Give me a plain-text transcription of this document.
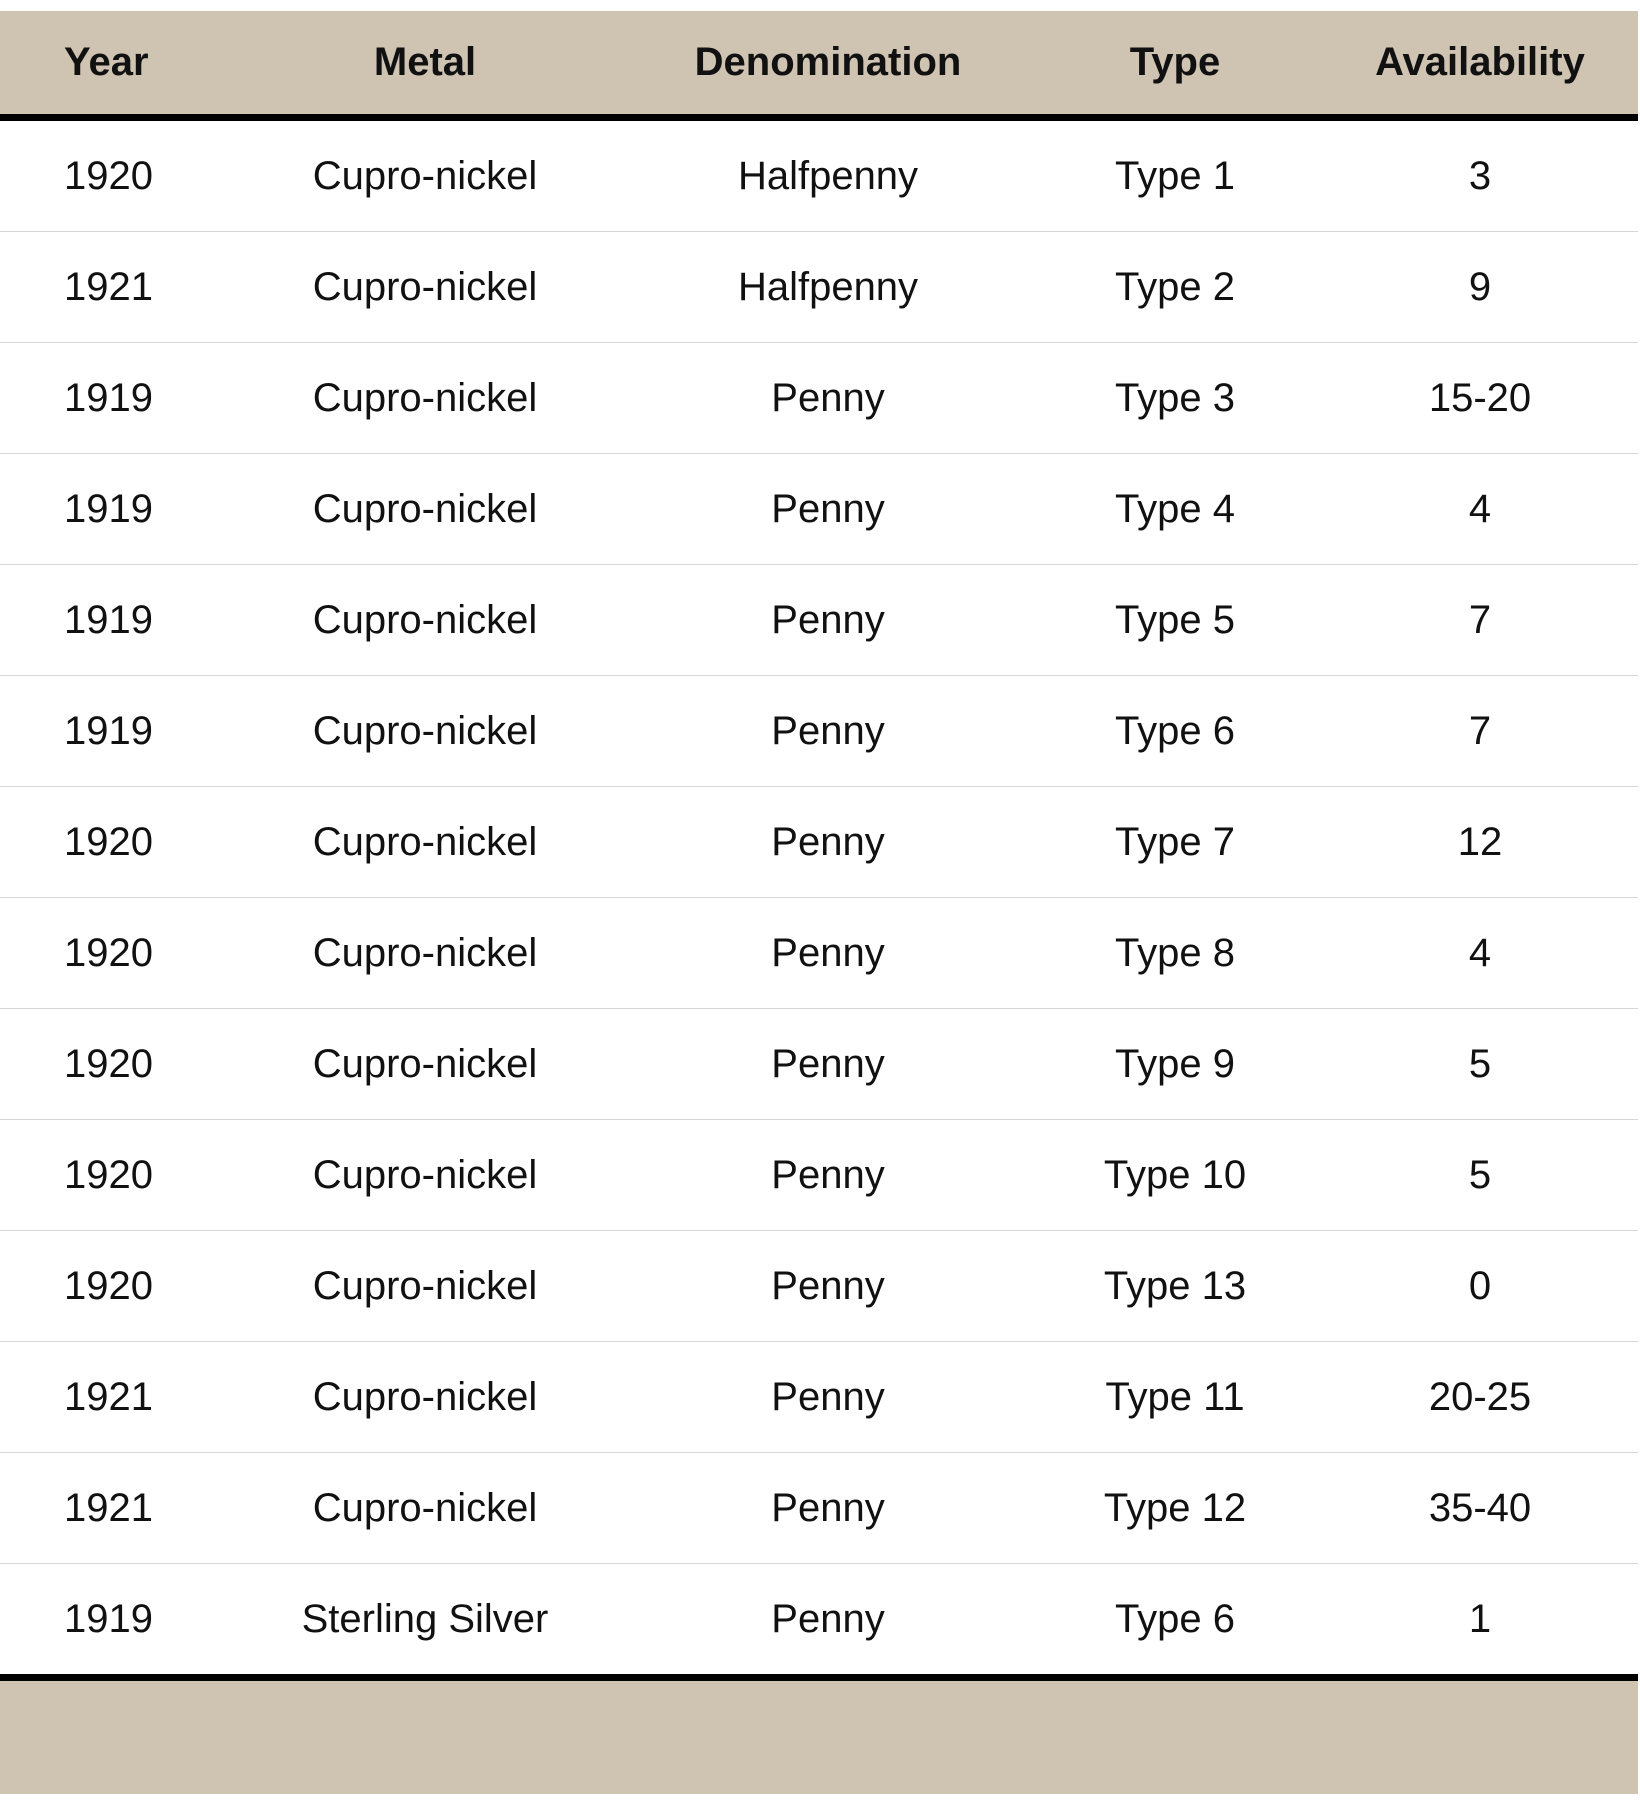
Year	Metal	Denomination	Type	Availability
1920	Cupro-nickel	Halfpenny	Type 1	3
1921	Cupro-nickel	Halfpenny	Type 2	9
1919	Cupro-nickel	Penny	Type 3	15-20
1919	Cupro-nickel	Penny	Type 4	4
1919	Cupro-nickel	Penny	Type 5	7
1919	Cupro-nickel	Penny	Type 6	7
1920	Cupro-nickel	Penny	Type 7	12
1920	Cupro-nickel	Penny	Type 8	4
1920	Cupro-nickel	Penny	Type 9	5
1920	Cupro-nickel	Penny	Type 10	5
1920	Cupro-nickel	Penny	Type 13	0
1921	Cupro-nickel	Penny	Type 11	20-25
1921	Cupro-nickel	Penny	Type 12	35-40
1919	Sterling Silver	Penny	Type 6	1
